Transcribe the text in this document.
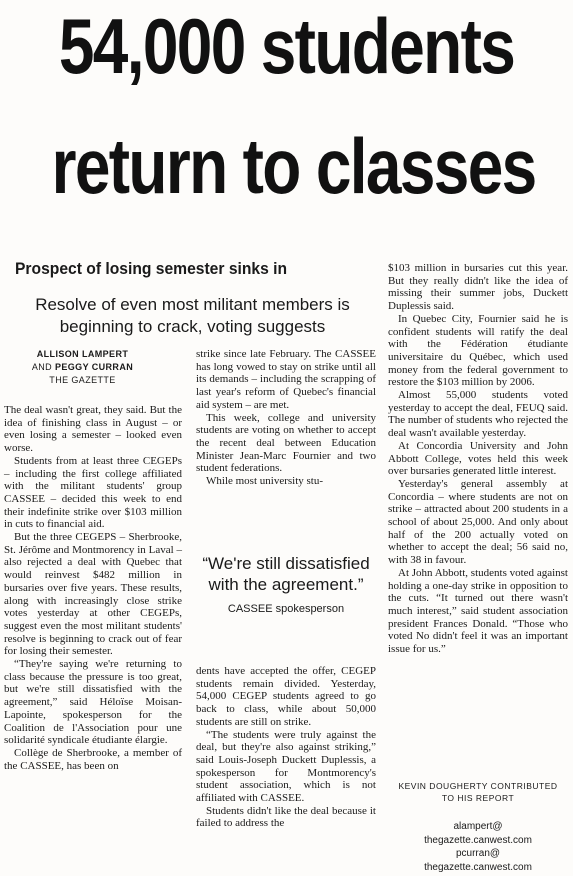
54,000 students
return to classes
Prospect of losing semester sinks in
Resolve of even most militant members is beginning to crack, voting suggests
ALLISON LAMPERT
AND PEGGY CURRAN
THE GAZETTE

The deal wasn't great, they said. But the idea of finishing class in August – or even losing a semester – looked even worse.

Students from at least three CEGEPs – including the first college affiliated with the militant students' group CASSEE – decided this week to end their indefinite strike over $103 million in cuts to financial aid.

But the three CEGEPS – Sherbrooke, St. Jérôme and Montmorency in Laval – also rejected a deal with Quebec that would reinvest $482 million in bursaries over five years. These results, along with increasingly close strike votes yesterday at other CEGEPs, suggest even the most militant students' resolve is beginning to crack out of fear for losing their semester.

“They're saying we're returning to class because the pressure is too great, but we're still dissatisfied with the agreement,” said Héloïse Moisan-Lapointe, spokesperson for the Coalition de l'Association pour une solidarité syndicale étudiante élargie.

Collège de Sherbrooke, a member of the CASSEE, has been on

strike since late February. The CASSEE has long vowed to stay on strike until all its demands – including the scrapping of last year's reform of Quebec's financial aid system – are met.

This week, college and university students are voting on whether to accept the recent deal between Education Minister Jean-Marc Fournier and two student federations.

While most university stu-

“We're still dissatisfied with the agreement.”
CASSEE spokesperson

dents have accepted the offer, CEGEP students remain divided. Yesterday, 54,000 CEGEP students agreed to go back to class, while about 50,000 students are still on strike.

“The students were truly against the deal, but they're also against striking,” said Louis-Joseph Duckett Duplessis, a spokesperson for Montmorency's student association, which is not affiliated with CASSEE.

Students didn't like the deal because it failed to address the

$103 million in bursaries cut this year. But they really didn't like the idea of missing their summer jobs, Duckett Duplessis said.

In Quebec City, Fournier said he is confident students will ratify the deal with the Fédération étudiante universitaire du Québec, which used money from the federal government to restore the $103 million by 2006.

Almost 55,000 students voted yesterday to accept the deal, FEUQ said. The number of students who rejected the deal wasn't available yesterday.

At Concordia University and John Abbott College, votes held this week over bursaries generated little interest.

Yesterday's general assembly at Concordia – where students are not on strike – attracted about 200 students in a school of about 25,000. And only about half of the 200 actually voted on whether to accept the deal; 56 said no, with 38 in favour.

At John Abbott, students voted against holding a one-day strike in opposition to the cuts. “It turned out there wasn't much interest,” said student association president Frances Donald. “Those who voted No didn't feel it was an important issue for us.”

KEVIN DOUGHERTY CONTRIBUTED
TO HIS REPORT
alampert@
thegazette.canwest.com
pcurran@
thegazette.canwest.com
